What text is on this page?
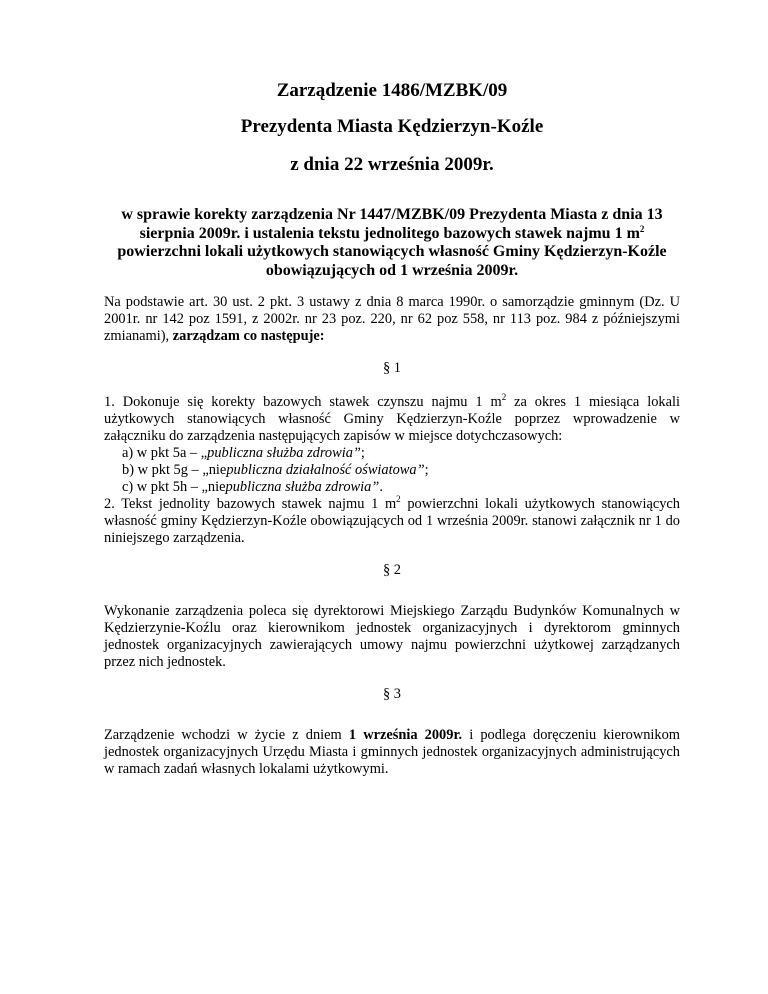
Zarządzenie 1486/MZBK/09
Prezydenta Miasta Kędzierzyn-Koźle
z dnia 22 września 2009r.
w sprawie korekty zarządzenia Nr 1447/MZBK/09 Prezydenta Miasta z dnia 13 sierpnia 2009r. i ustalenia tekstu jednolitego bazowych stawek najmu 1 $m^2$ powierzchni lokali użytkowych stanowiących własność Gminy Kędzierzyn-Koźle obowiązujących od 1 września 2009r.

Na podstawie art. 30 ust. 2 pkt. 3 ustawy z dnia 8 marca 1990r. o samorządzie gminnym (Dz. U 2001r. nr 142 poz 1591, z 2002r. nr 23 poz. 220, nr 62 poz 558, nr 113 poz. 984 z późniejszymi zmianami), zarządzam co następuje:

§ 1

1. Dokonuje się korekty bazowych stawek czynszu najmu 1 $m^2$ za okres 1 miesiąca lokali użytkowych stanowiących własność Gminy Kędzierzyn-Koźle poprzez wprowadzenie w załączniku do zarządzenia następujących zapisów w miejsce dotychczasowych:

a) w pkt 5a – „publiczna służba zdrowia”;
b) w pkt 5g – „niepubliczna działalność oświatowa”;
c) w pkt 5h – „niepubliczna służba zdrowia”.

2. Tekst jednolity bazowych stawek najmu 1 $m^2$ powierzchni lokali użytkowych stanowiących własność gminy Kędzierzyn-Koźle obowiązujących od 1 września 2009r. stanowi załącznik nr 1 do niniejszego zarządzenia.

§ 2

Wykonanie zarządzenia poleca się dyrektorowi Miejskiego Zarządu Budynków Komunalnych w Kędzierzynie-Koźlu oraz kierownikom jednostek organizacyjnych i dyrektorom gminnych jednostek organizacyjnych zawierających umowy najmu powierzchni użytkowej zarządzanych przez nich jednostek.

§ 3

Zarządzenie wchodzi w życie z dniem 1 września 2009r. i podlega doręczeniu kierownikom jednostek organizacyjnych Urzędu Miasta i gminnych jednostek organizacyjnych administrujących w ramach zadań własnych lokalami użytkowymi.
